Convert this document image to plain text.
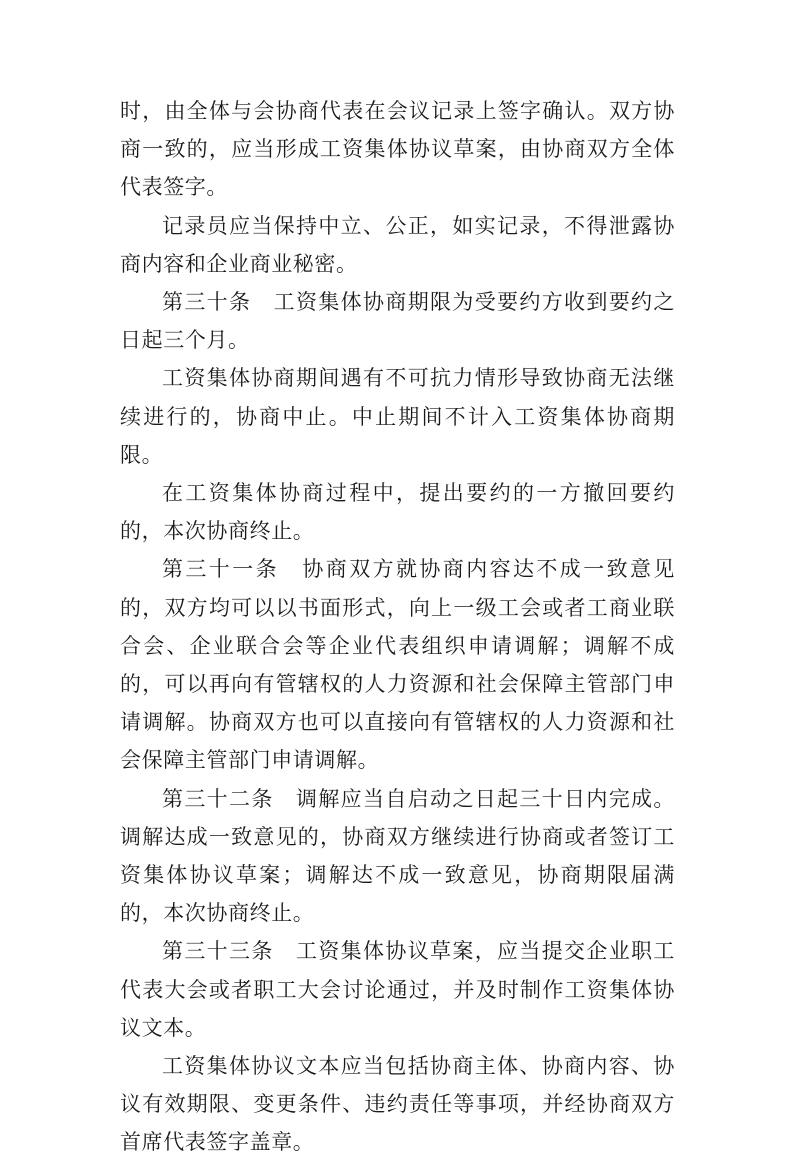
时，由全体与会协商代表在会议记录上签字确认。双方协商一致的，应当形成工资集体协议草案，由协商双方全体代表签字。

记录员应当保持中立、公正，如实记录，不得泄露协商内容和企业商业秘密。

第三十条　工资集体协商期限为受要约方收到要约之日起三个月。

工资集体协商期间遇有不可抗力情形导致协商无法继续进行的，协商中止。中止期间不计入工资集体协商期限。

在工资集体协商过程中，提出要约的一方撤回要约的，本次协商终止。

第三十一条　协商双方就协商内容达不成一致意见的，双方均可以以书面形式，向上一级工会或者工商业联合会、企业联合会等企业代表组织申请调解；调解不成的，可以再向有管辖权的人力资源和社会保障主管部门申请调解。协商双方也可以直接向有管辖权的人力资源和社会保障主管部门申请调解。

第三十二条　调解应当自启动之日起三十日内完成。调解达成一致意见的，协商双方继续进行协商或者签订工资集体协议草案；调解达不成一致意见，协商期限届满的，本次协商终止。

第三十三条　工资集体协议草案，应当提交企业职工代表大会或者职工大会讨论通过，并及时制作工资集体协议文本。

工资集体协议文本应当包括协商主体、协商内容、协议有效期限、变更条件、违约责任等事项，并经协商双方首席代表签字盖章。
